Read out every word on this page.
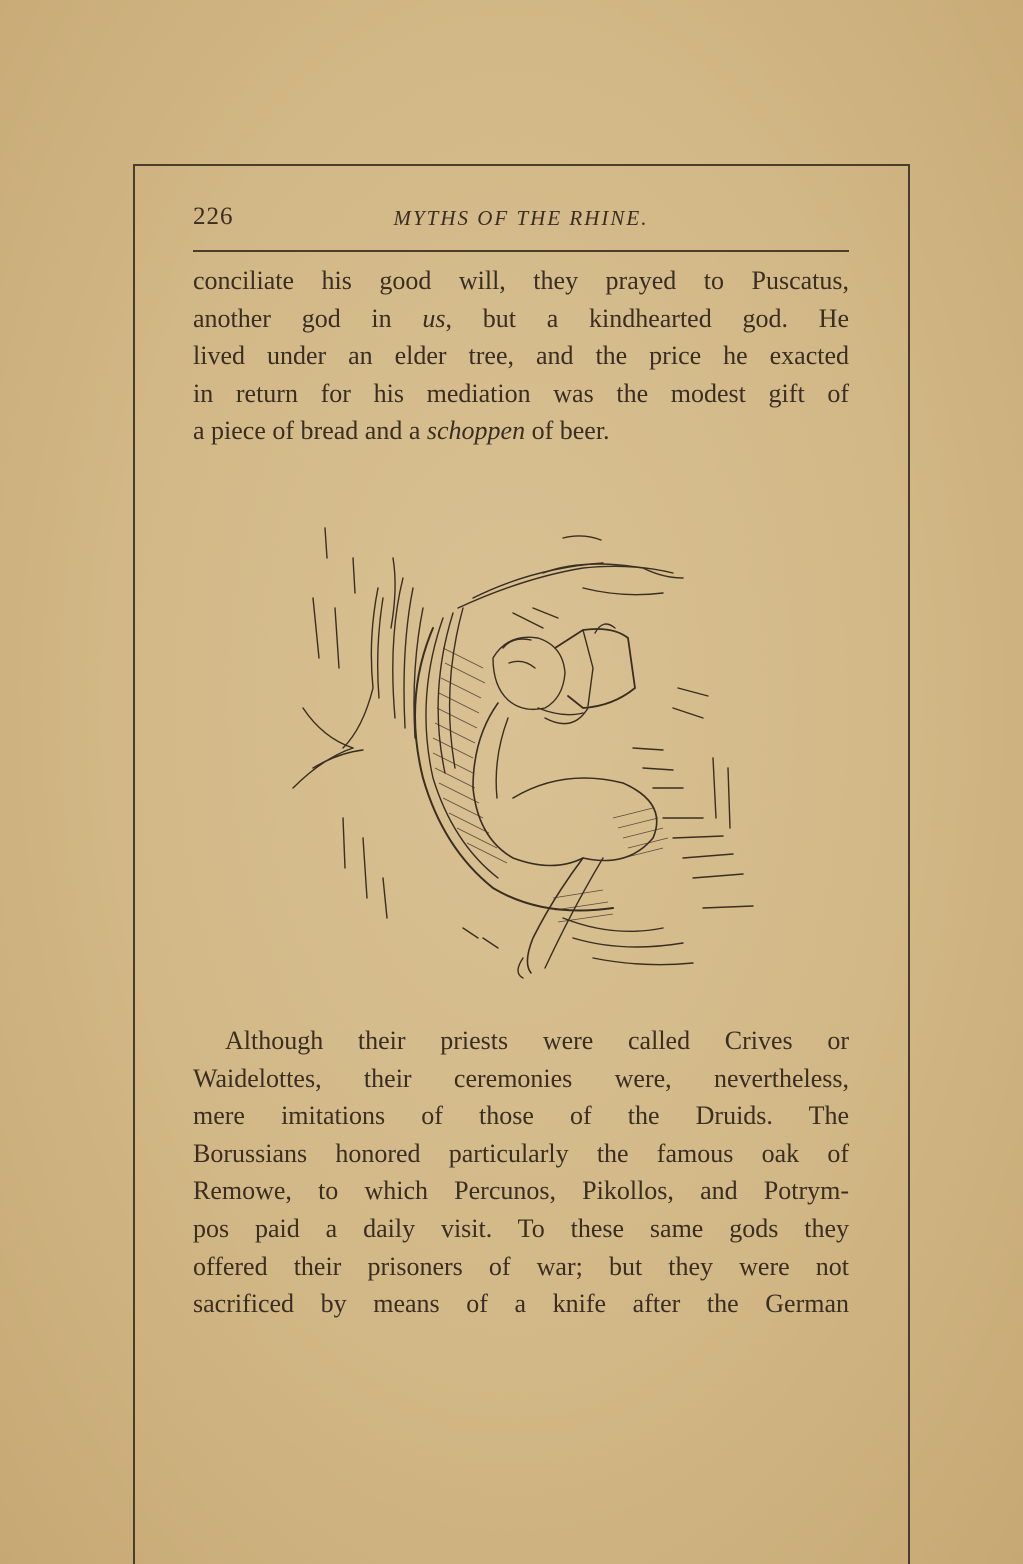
226	MYTHS OF THE RHINE.
conciliate his good will, they prayed to Puscatus,
another god in us, but a kindhearted god. He
lived under an elder tree, and the price he exacted
in return for his mediation was the modest gift of
a piece of bread and a schoppen of beer.
Although their priests were called Crives or
Waidelottes, their ceremonies were, nevertheless,
mere imitations of those of the Druids. The
Borussians honored particularly the famous oak of
Remowe, to which Percunos, Pikollos, and Potrym-
pos paid a daily visit. To these same gods they
offered their prisoners of war; but they were not
sacrificed by means of a knife after the German
